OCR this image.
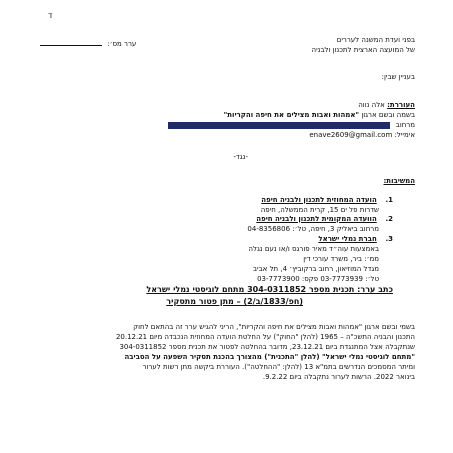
ד
בפני ועדת המשנה לעררים
של המועצה הארצית לתכנון ולבניה
ערר מס׳:
בעניין שבין:
העוררת: אלה נווה
בשמה ובשם ארגון "אמהות ואבות מצילים את חיפה והקריות"
מרחוב
אימייל: enave2609@gmail.com
-נגד-
המשיבות:
1. הועדה המחוזית לתכנון ולבניה חיפה
שדרות פל ים 15, קרית הממשלה, חיפה
2. הוועדה המקומית לתכנון ולבניה חיפה
מרחוב ביאליק 3, חיפה, טל׳: 04-8356806
3. חברת נמלי ישראל
באמצעות עוה״ד מאיר פורגס ו/או נעם נגלה
ממ׳: ביר, משרד עורכי דין
מגדל המוזיאון, רחוב ברקוביץ׳ 4, תל אביב
טל׳: 03-7773939 פקס: 03-7773900
כתב ערר: תכנית מספר 304-0311852 מתחם לוגיסטי נמלי ישראל
(חפ/1833/ב/2) – מתן פטור מתסקיר
בשמי ובשם ארגון "אמהות ואבות מצילים את חיפה והקריות", הריני להגיש ערר זה בהתאם לחוק
התכנון והבניה התשכ"ה – 1965 (להלן "החוק") על החלטת הועדה המחוזית הנכבדה מיום 20.12.21
שנתקבלה אצל המתנגדת ביום 23.12.21, מדובר בהחלטה לפטור את תכנית מספר 304-0311852
"מתחם לוגיסטי נמלי ישראל" (להלן "התכנית") מהצורך בהכנת תסקיר השפעה על הסביבה
ומיתר המסמכים הנדרשים בתמ"א 13 (להלן: "ההחלטה"). העוררת ביקשה מתן רשות לערור
בינואר 2022. הרשות לערור נתקבלה ביום 9.2.22.
